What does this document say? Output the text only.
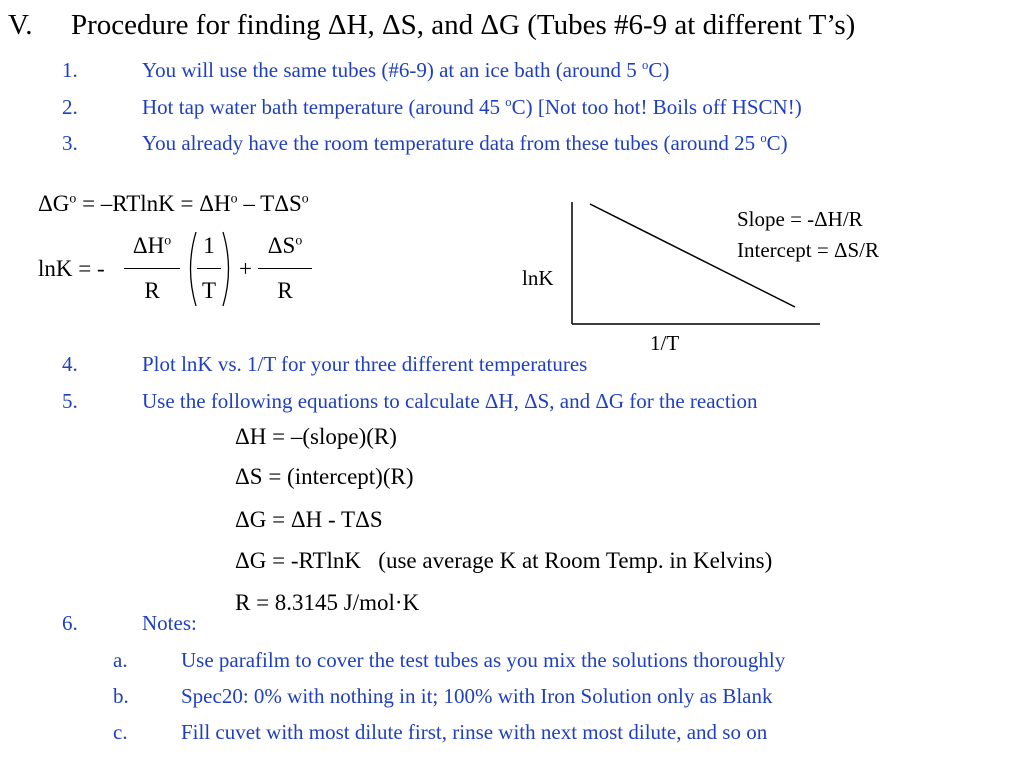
V. Procedure for finding ΔH, ΔS, and ΔG (Tubes #6-9 at different T’s)
1.	You will use the same tubes (#6-9) at an ice bath (around 5 $^o$C)
2.	Hot tap water bath temperature (around 45 $^o$C) [Not too hot! Boils off HSCN!)
3.	You already have the room temperature data from these tubes (around 25 $^o$C)
$\Delta G^o = -RTlnK = \Delta H^o - T\Delta S^o$
lnK = -
$\Delta H^o$
R
1
T
+
$\Delta S^o$
R	lnK
1/T
Slope = -ΔH/R
Intercept = ΔS/R
4.	Plot lnK vs. 1/T for your three different temperatures
5.	Use the following equations to calculate ΔH, ΔS, and ΔG for the reaction
ΔH = –(slope)(R)
ΔS = (intercept)(R)
ΔG = ΔH - TΔS
ΔG = -RTlnK   (use average K at Room Temp. in Kelvins)
R = 8.3145 J/mol·K
6.	Notes:
a.	Use parafilm to cover the test tubes as you mix the solutions thoroughly
b. Spec20: 0% with nothing in it; 100% with Iron Solution only as Blank
c.	Fill cuvet with most dilute first, rinse with next most dilute, and so on
